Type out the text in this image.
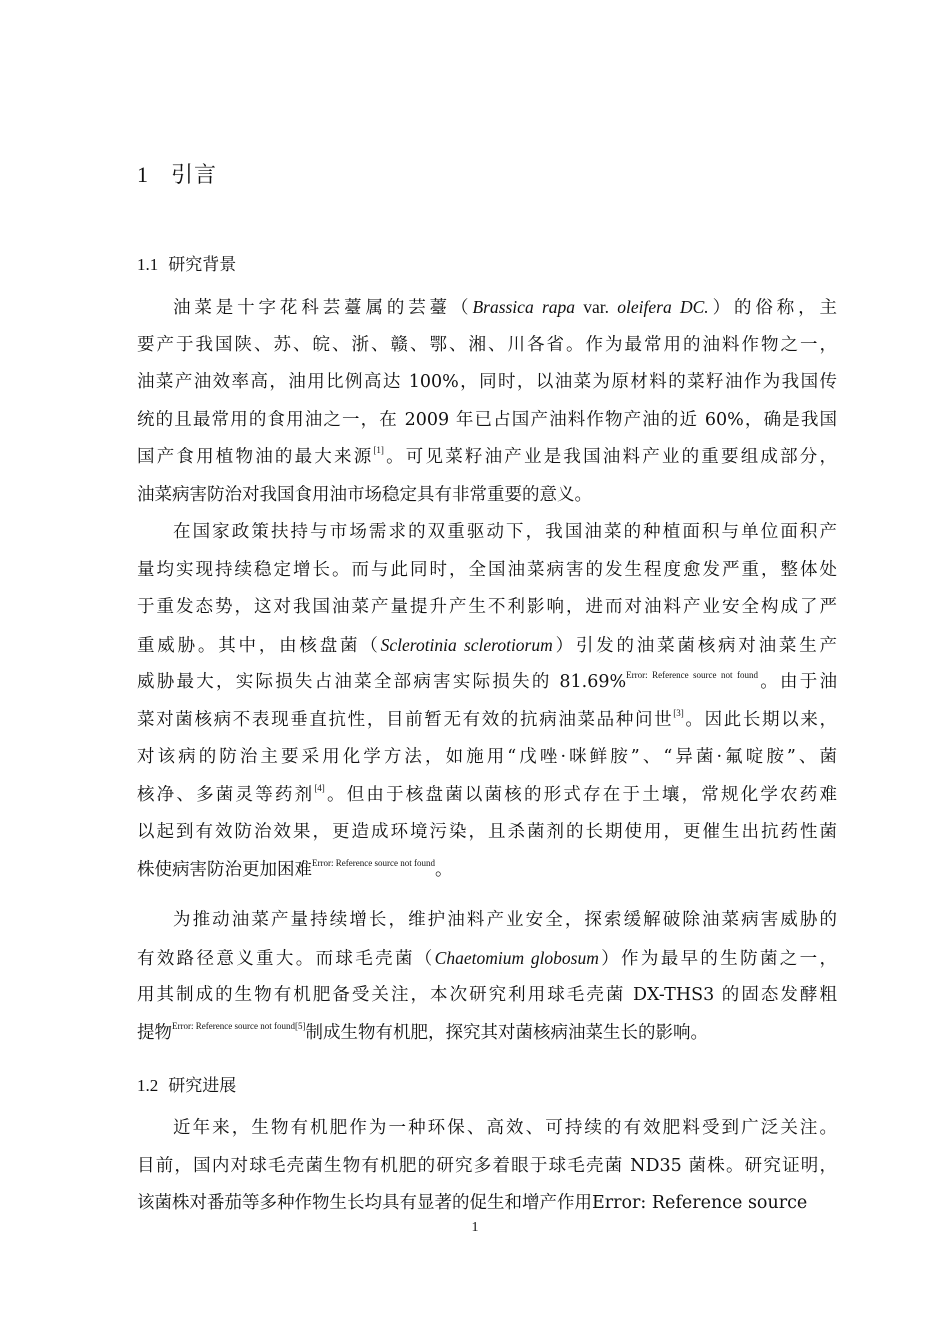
1 引言
1.1 研究背景
油菜是十字花科芸薹属的芸薹（Brassica rapa var. oleifera DC.）的俗称，主
要产于我国陕、苏、皖、浙、赣、鄂、湘、川各省。作为最常用的油料作物之一，
油菜产油效率高，油用比例高达 100%，同时，以油菜为原材料的菜籽油作为我国传
统的且最常用的食用油之一，在 2009 年已占国产油料作物产油的近 60%，确是我国
国产食用植物油的最大来源[1]。可见菜籽油产业是我国油料产业的重要组成部分，
油菜病害防治对我国食用油市场稳定具有非常重要的意义。
在国家政策扶持与市场需求的双重驱动下，我国油菜的种植面积与单位面积产
量均实现持续稳定增长。而与此同时，全国油菜病害的发生程度愈发严重，整体处
于重发态势，这对我国油菜产量提升产生不利影响，进而对油料产业安全构成了严
重威胁。其中，由核盘菌（Sclerotinia sclerotiorum）引发的油菜菌核病对油菜生产
威胁最大，实际损失占油菜全部病害实际损失的 81.69%$^{Error: Reference source not found}$。由于油
菜对菌核病不表现垂直抗性，目前暂无有效的抗病油菜品种问世[3]。因此长期以来，
对该病的防治主要采用化学方法，如施用“戊唑·咪鲜胺”、“异菌·氟啶胺”、菌
核净、多菌灵等药剂[4]。但由于核盘菌以菌核的形式存在于土壤，常规化学农药难
以起到有效防治效果，更造成环境污染，且杀菌剂的长期使用，更催生出抗药性菌
株使病害防治更加困难$^{Error: Reference source not found}$。
为推动油菜产量持续增长，维护油料产业安全，探索缓解破除油菜病害威胁的
有效路径意义重大。而球毛壳菌（Chaetomium globosum）作为最早的生防菌之一，
用其制成的生物有机肥备受关注，本次研究利用球毛壳菌 DX-THS3 的固态发酵粗
提物$^{Error: Reference source not found[5]}$制成生物有机肥，探究其对菌核病油菜生长的影响。
1.2 研究进展
近年来，生物有机肥作为一种环保、高效、可持续的有效肥料受到广泛关注。
目前，国内对球毛壳菌生物有机肥的研究多着眼于球毛壳菌 ND35 菌株。研究证明，
该菌株对番茄等多种作物生长均具有显著的促生和增产作用Error: Reference source
1
